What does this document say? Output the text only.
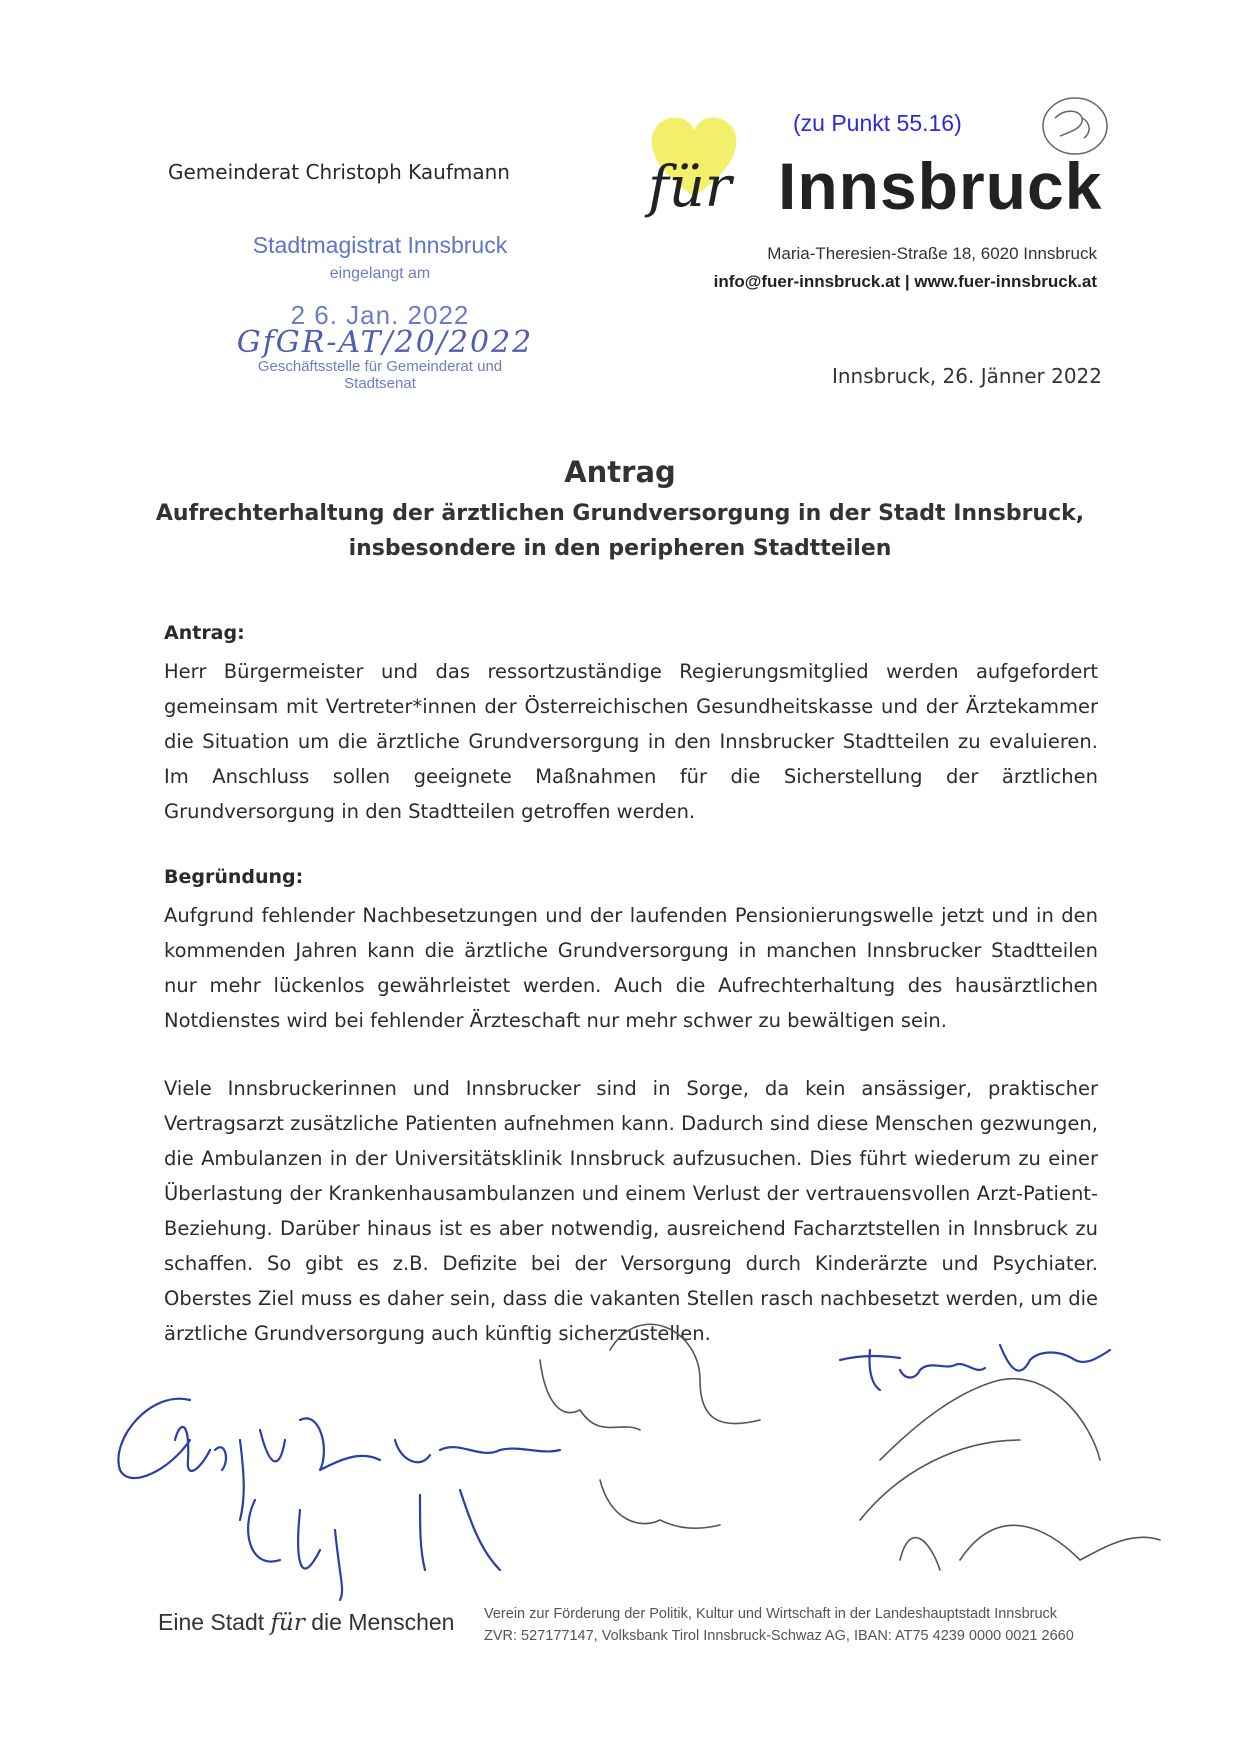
Gemeinderat Christoph Kaufmann
Stadtmagistrat Innsbruck
eingelangt am
2 6. Jan. 2022
GfGR-AT/20/2022
Geschäftsstelle für Gemeinderat und Stadtsenat
(zu Punkt 55.16)
für Innsbruck
Maria-Theresien-Straße 18, 6020 Innsbruck
info@fuer-innsbruck.at | www.fuer-innsbruck.at
Innsbruck, 26. Jänner 2022
Antrag
Aufrechterhaltung der ärztlichen Grundversorgung in der Stadt Innsbruck,
insbesondere in den peripheren Stadtteilen
Antrag:
Herr Bürgermeister und das ressortzuständige Regierungsmitglied werden aufgefordert gemeinsam mit Vertreter*innen der Österreichischen Gesundheitskasse und der Ärztekammer die Situation um die ärztliche Grundversorgung in den Innsbrucker Stadtteilen zu evaluieren. Im Anschluss sollen geeignete Maßnahmen für die Sicherstellung der ärztlichen Grundversorgung in den Stadtteilen getroffen werden.
Begründung:
Aufgrund fehlender Nachbesetzungen und der laufenden Pensionierungswelle jetzt und in den kommenden Jahren kann die ärztliche Grundversorgung in manchen Innsbrucker Stadtteilen nur mehr lückenlos gewährleistet werden. Auch die Aufrechterhaltung des hausärztlichen Notdienstes wird bei fehlender Ärzteschaft nur mehr schwer zu bewältigen sein.
Viele Innsbruckerinnen und Innsbrucker sind in Sorge, da kein ansässiger, praktischer Vertragsarzt zusätzliche Patienten aufnehmen kann. Dadurch sind diese Menschen gezwungen, die Ambulanzen in der Universitätsklinik Innsbruck aufzusuchen. Dies führt wiederum zu einer Überlastung der Krankenhausambulanzen und einem Verlust der vertrauensvollen Arzt-Patient-Beziehung. Darüber hinaus ist es aber notwendig, ausreichend Facharztstellen in Innsbruck zu schaffen. So gibt es z.B. Defizite bei der Versorgung durch Kinderärzte und Psychiater. Oberstes Ziel muss es daher sein, dass die vakanten Stellen rasch nachbesetzt werden, um die ärztliche Grundversorgung auch künftig sicherzustellen.
Eine Stadt für die Menschen Verein zur Förderung der Politik, Kultur und Wirtschaft in der Landeshauptstadt Innsbruck
ZVR: 527177147, Volksbank Tirol Innsbruck-Schwaz AG, IBAN: AT75 4239 0000 0021 2660
